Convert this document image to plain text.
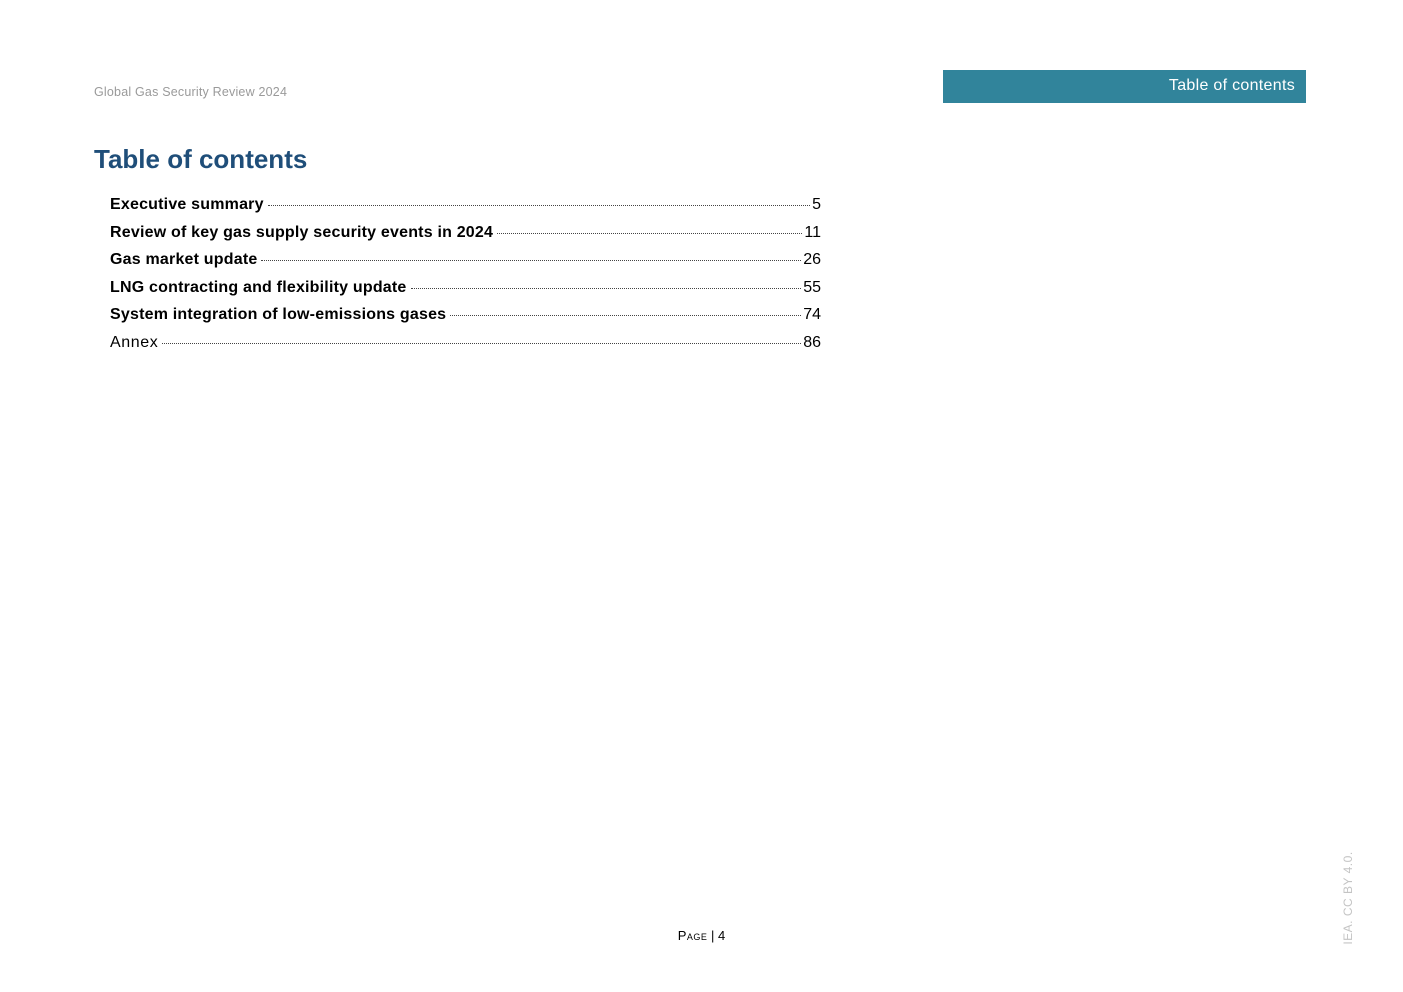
Global Gas Security Review 2024	Table of contents
Table of contents
Executive summary	5
Review of key gas supply security events in 2024	11
Gas market update	26
LNG contracting and flexibility update	55
System integration of low-emissions gases	74
Annex	86
Page | 4	IEA. CC BY 4.0.
